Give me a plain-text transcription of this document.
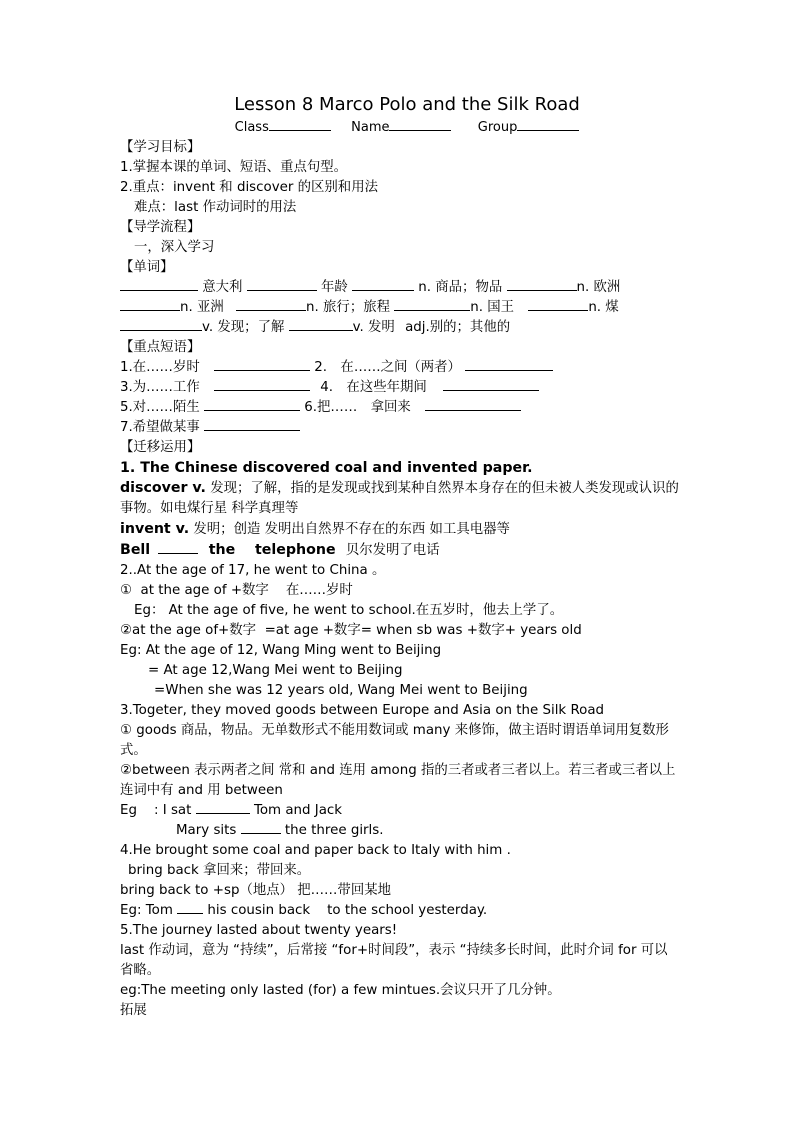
Lesson 8 Marco Polo and the Silk Road
Class	Name	Group
【学习目标】
1.掌握本课的单词、短语、重点句型。
2.重点：invent 和 discover 的区别和用法
难点：last 作动词时的用法
【导学流程】
一，深入学习
【单词】
意大利	年龄	n. 商品；物品	n. 欧洲
n. 亚洲	n. 旅行；旅程	n. 国王	n. 煤
v. 发现；了解	v. 发明 adj.别的；其他的
【重点短语】
1.在……岁时	2.　在……之间（两者）
3.为……工作	4.　在这些年期间
5.对……陌生	6.把……　拿回来
7.希望做某事
【迁移运用】
1. The Chinese discovered coal and invented paper.
discover v. 发现；了解，指的是发现或找到某种自然界本身存在的但未被人类发现或认识的事物。如电煤行星 科学真理等
invent v. 发明；创造 发明出自然界不存在的东西 如工具电器等
Bell	the    telephone 贝尔发明了电话
2..At the age of 17, he went to China 。
①  at the age of +数字    在……岁时
Eg： At the age of five, he went to school.在五岁时，他去上学了。
②at the age of+数字  =at age +数字= when sb was +数字+ years old
Eg: At the age of 12, Wang Ming went to Beijing
= At age 12,Wang Mei went to Beijing
=When she was 12 years old, Wang Mei went to Beijing
3.Togeter, they moved goods between Europe and Asia on the Silk Road
① goods 商品，物品。无单数形式不能用数词或 many 来修饰，做主语时谓语单词用复数形式。
②between 表示两者之间 常和 and 连用 among 指的三者或者三者以上。若三者或三者以上 连词中有 and 用 between
Eg    : I sat	Tom and Jack
Mary sits	the three girls.
4.He brought some coal and paper back to Italy with him .
bring back 拿回来；带回来。
bring back to +sp（地点） 把……带回某地
Eg: Tom	his cousin back    to the school yesterday.
5.The journey lasted about twenty years!
last 作动词，意为 “持续”，后常接 “for+时间段”，表示 “持续多长时间，此时介词 for 可以省略。
eg:The meeting only lasted (for) a few mintues.会议只开了几分钟。
拓展
